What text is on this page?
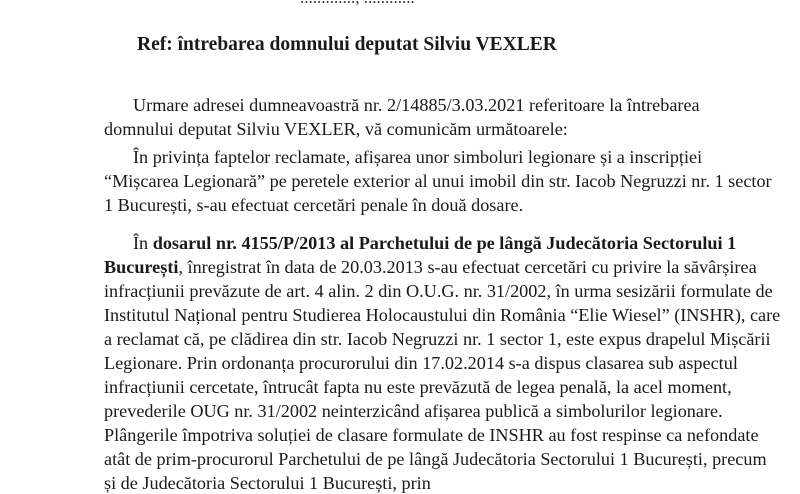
Ref: întrebarea domnului deputat Silviu VEXLER
Urmare adresei dumneavoastră nr. 2/14885/3.03.2021 referitoare la întrebarea
domnului deputat Silviu VEXLER, vă comunicăm următoarele:
În privința faptelor reclamate, afișarea unor simboluri legionare și a inscripției
“Mișcarea Legionară” pe peretele exterior al unui imobil din str. Iacob Negruzzi nr. 1 sector
1 București, s-au efectuat cercetări penale în două dosare.
În dosarul nr. 4155/P/2013 al Parchetului de pe lângă Judecătoria Sectorului 1
București, înregistrat în data de 20.03.2013 s-au efectuat cercetări cu privire la săvârșirea
infracțiunii prevăzute de art. 4 alin. 2 din O.U.G. nr. 31/2002, în urma sesizării formulate de
Institutul Național pentru Studierea Holocaustului din România “Elie Wiesel” (INSHR), care
a reclamat că, pe clădirea din str. Iacob Negruzzi nr. 1 sector 1, este expus drapelul Mișcării
Legionare. Prin ordonanța procurorului din 17.02.2014 s-a dispus clasarea sub aspectul
infracțiunii cercetate, întrucât fapta nu este prevăzută de legea penală, la acel moment,
prevederile OUG nr. 31/2002 neinterzicând afișarea publică a simbolurilor legionare.
Plângerile împotriva soluției de clasare formulate de INSHR au fost respinse ca nefondate
atât de prim-procurorul Parchetului de pe lângă Judecătoria Sectorului 1 București, precum
și de Judecătoria Sectorului 1 București, prin
